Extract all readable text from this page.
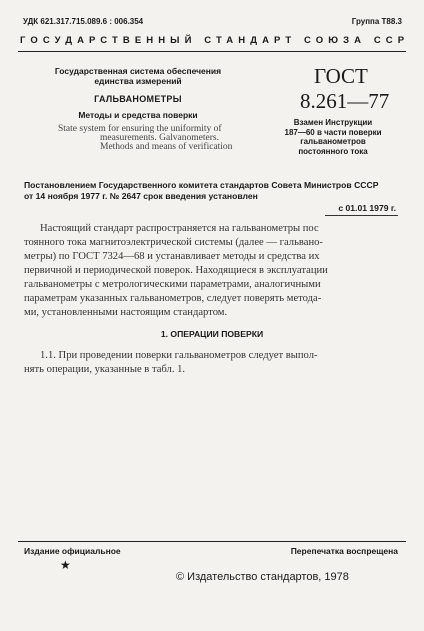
УДК 621.317.715.089.6 : 006.354	Группа Т88.3
ГОСУДАРСТВЕННЫЙ СТАНДАРТ СОЮЗА ССР
Государственная система обеспечения
единства измерений
ГАЛЬВАНОМЕТРЫ
Методы и средства поверки
State system for ensuring the uniformity of
measurements. Galvanometers.
Methods and means of verification
ГОСТ
8.261—77
Взамен Инструкции
187—60 в части поверки
гальванометров
постоянного тока
Постановлением Государственного комитета стандартов Совета Министров СССР
от 14 ноября 1977 г. № 2647 срок введения установлен
с 01.01 1979 г.
Настоящий стандарт распространяется на гальванометры пос
тоянного тока магнитоэлектрической системы (далее — гальвано-
метры) по ГОСТ 7324—68 и устанавливает методы и средства их
первичной и периодической поверок. Находящиеся в эксплуатации
гальванометры с метрологическими параметрами, аналогичными
параметрам указанных гальванометров, следует поверять метода-
ми, установленными настоящим стандартом.
1. ОПЕРАЦИИ ПОВЕРКИ
1.1. При проведении поверки гальванометров следует выпол-
нять операции, указанные в табл. 1.
Издание официальное	Перепечатка воспрещена
★
© Издательство стандартов, 1978
